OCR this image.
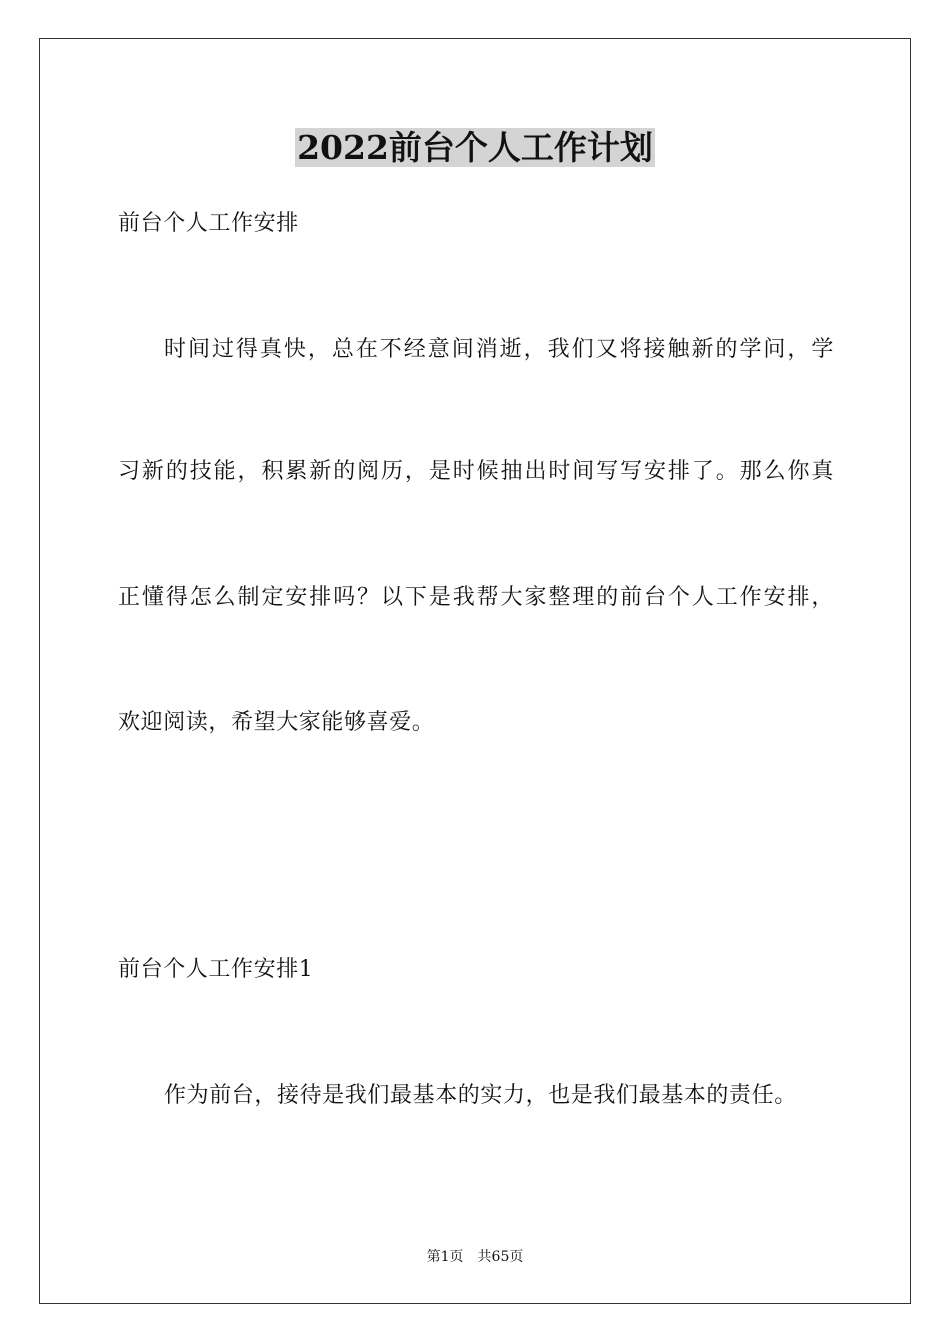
2022前台个人工作计划
前台个人工作安排
时间过得真快，总在不经意间消逝，我们又将接触新的学问，学
习新的技能，积累新的阅历，是时候抽出时间写写安排了。那么你真
正懂得怎么制定安排吗？以下是我帮大家整理的前台个人工作安排，
欢迎阅读，希望大家能够喜爱。
前台个人工作安排1
作为前台，接待是我们最基本的实力，也是我们最基本的责任。
第1页 共65页
